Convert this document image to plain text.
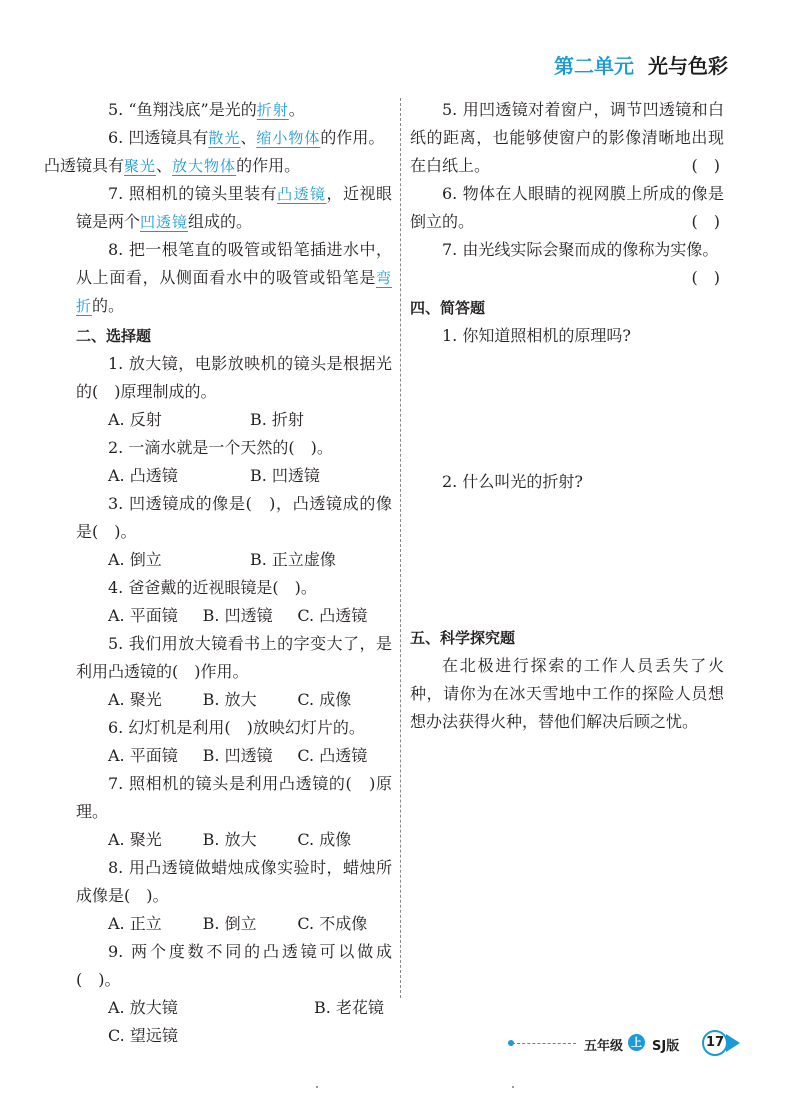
第二单元 光与色彩

5. “鱼翔浅底”是光的折射。

6. 凹透镜具有散光、缩小物体的作用。
凸透镜具有聚光、放大物体的作用。

7. 照相机的镜头里装有凸透镜，近视眼镜是两个凹透镜组成的。

8. 把一根笔直的吸管或铅笔插进水中，从上面看，从侧面看水中的吸管或铅笔是弯折的。

二、选择题

1. 放大镜，电影放映机的镜头是根据光的(　)原理制成的。

A. 反射	B. 折射

2. 一滴水就是一个天然的(　)。

A. 凸透镜	B. 凹透镜

3. 凹透镜成的像是(　)，凸透镜成的像是(　)。

A. 倒立	B. 正立虚像

4. 爸爸戴的近视眼镜是(　)。

A. 平面镜	B. 凹透镜	C. 凸透镜

5. 我们用放大镜看书上的字变大了，是利用凸透镜的(　)作用。

A. 聚光	B. 放大	C. 成像

6. 幻灯机是利用(　)放映幻灯片的。

A. 平面镜	B. 凹透镜	C. 凸透镜

7. 照相机的镜头是利用凸透镜的(　)原理。

A. 聚光	B. 放大	C. 成像

8. 用凸透镜做蜡烛成像实验时，蜡烛所成像是(　)。

A. 正立	B. 倒立	C. 不成像

9. 两个度数不同的凸透镜可以做成(　)。

A. 放大镜	B. 老花镜
C. 望远镜

5. 用凹透镜对着窗户，调节凹透镜和白纸的距离，也能够使窗户的影像清晰地出现在白纸上。	(　)

6. 物体在人眼睛的视网膜上所成的像是倒立的。	(　)

7. 由光线实际会聚而成的像称为实像。

(　)

四、简答题

1. 你知道照相机的原理吗?

2. 什么叫光的折射?

五、科学探究题

在北极进行探索的工作人员丢失了火种，请你为在冰天雪地中工作的探险人员想想办法获得火种，替他们解决后顾之忧。

五年级 上 SJ版	17
